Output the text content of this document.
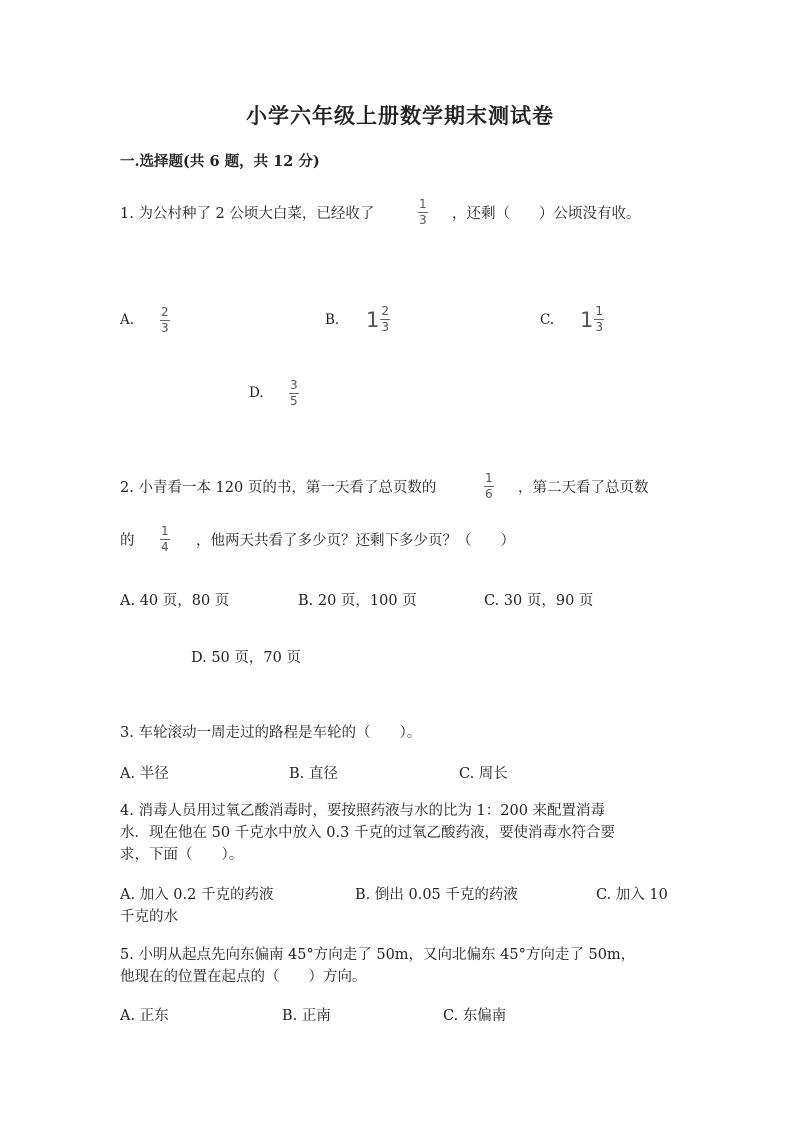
小学六年级上册数学期末测试卷
一.选择题(共 6 题，共 12 分)
1. 为公村种了 2 公顷大白菜，已经收了
1
3 ，还剩（　　）公顷没有收。
A. 2
3	B. $1 \frac{2}{3}$	C. $1 \frac{1}{3}$
D. 3
5
2. 小青看一本 120 页的书，第一天看了总页数的
1
6 ，第二天看了总页数
的
1
4 ，他两天共看了多少页？还剩下多少页？（　　）
A. 40 页，80 页	B. 20 页，100 页	C. 30 页，90 页
D. 50 页，70 页
3. 车轮滚动一周走过的路程是车轮的（　　）。
A. 半径	B. 直径	C. 周长
4. 消毒人员用过氧乙酸消毒时，要按照药液与水的比为 1：200 来配置消毒
水．现在他在 50 千克水中放入 0.3 千克的过氧乙酸药液，要使消毒水符合要
求，下面（　　）。
A. 加入 0.2 千克的药液	B. 倒出 0.05 千克的药液	C. 加入 10
千克的水
5. 小明从起点先向东偏南 45°方向走了 50m，又向北偏东 45°方向走了 50m，
他现在的位置在起点的（　　）方向。
A. 正东	B. 正南	C. 东偏南
